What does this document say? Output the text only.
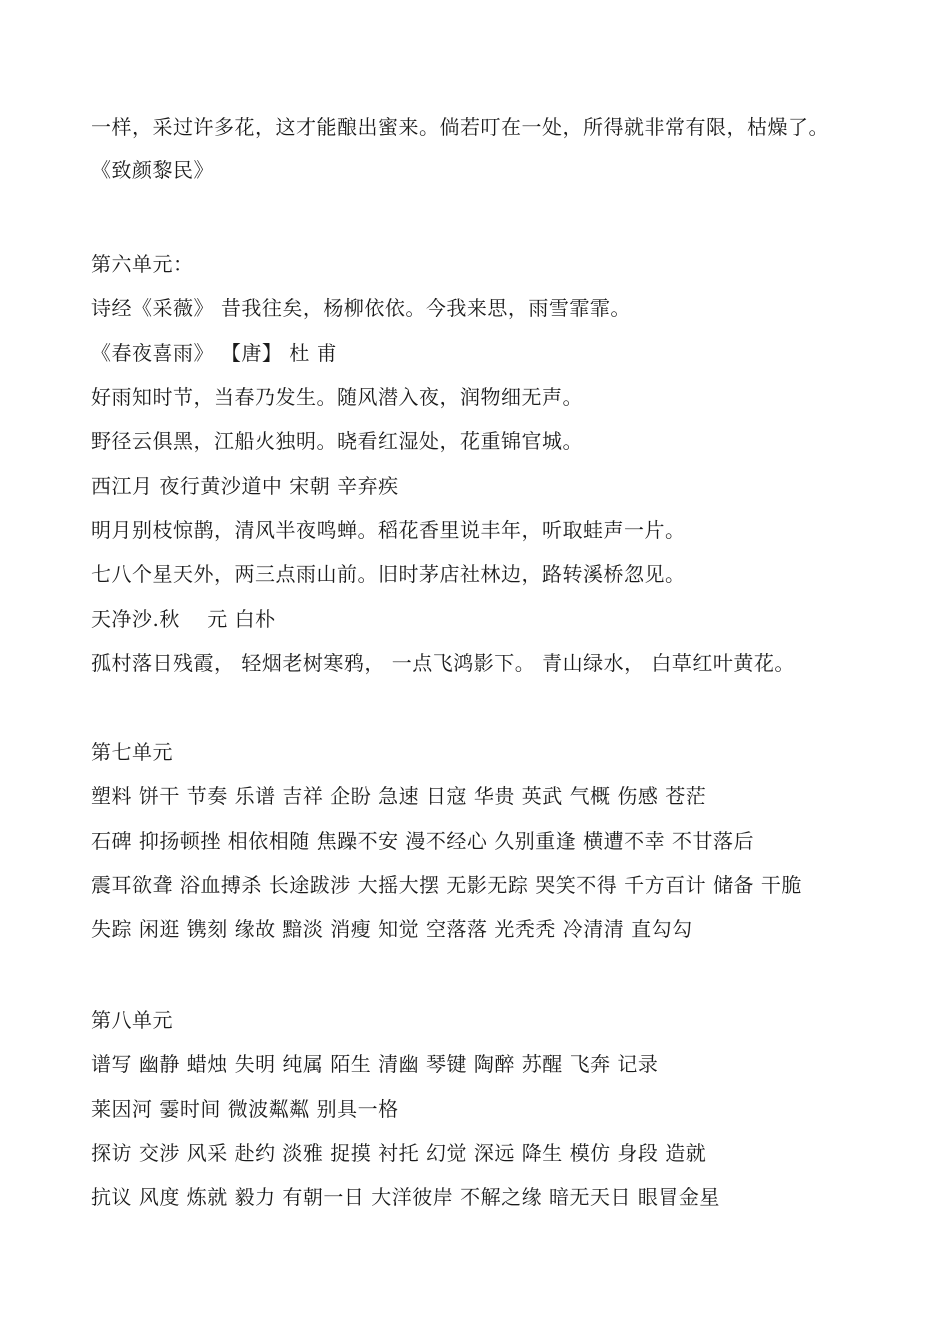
一样，采过许多花，这才能酿出蜜来。倘若叮在一处，所得就非常有限，枯燥了。
《致颜黎民》
第六单元：
诗经《采薇》 昔我往矣，杨柳依依。今我来思，雨雪霏霏。
《春夜喜雨》 【唐】 杜 甫
好雨知时节，当春乃发生。随风潜入夜，润物细无声。
野径云俱黑，江船火独明。晓看红湿处，花重锦官城。
西江月 夜行黄沙道中 宋朝 辛弃疾
明月别枝惊鹊，清风半夜鸣蝉。稻花香里说丰年，听取蛙声一片。
七八个星天外，两三点雨山前。旧时茅店社林边，路转溪桥忽见。
天净沙.秋    元 白朴
孤村落日残霞， 轻烟老树寒鸦， 一点飞鸿影下。 青山绿水， 白草红叶黄花。
第七单元
塑料 饼干 节奏 乐谱 吉祥 企盼 急速 日寇 华贵 英武 气概 伤感 苍茫
石碑 抑扬顿挫 相依相随 焦躁不安 漫不经心 久别重逢 横遭不幸 不甘落后
震耳欲聋 浴血搏杀 长途跋涉 大摇大摆 无影无踪 哭笑不得 千方百计 储备 干脆
失踪 闲逛 镌刻 缘故 黯淡 消瘦 知觉 空落落 光秃秃 冷清清 直勾勾
第八单元
谱写 幽静 蜡烛 失明 纯属 陌生 清幽 琴键 陶醉 苏醒 飞奔 记录
莱因河 霎时间 微波粼粼 别具一格
探访 交涉 风采 赴约 淡雅 捉摸 衬托 幻觉 深远 降生 模仿 身段 造就
抗议 风度 炼就 毅力 有朝一日 大洋彼岸 不解之缘 暗无天日 眼冒金星
